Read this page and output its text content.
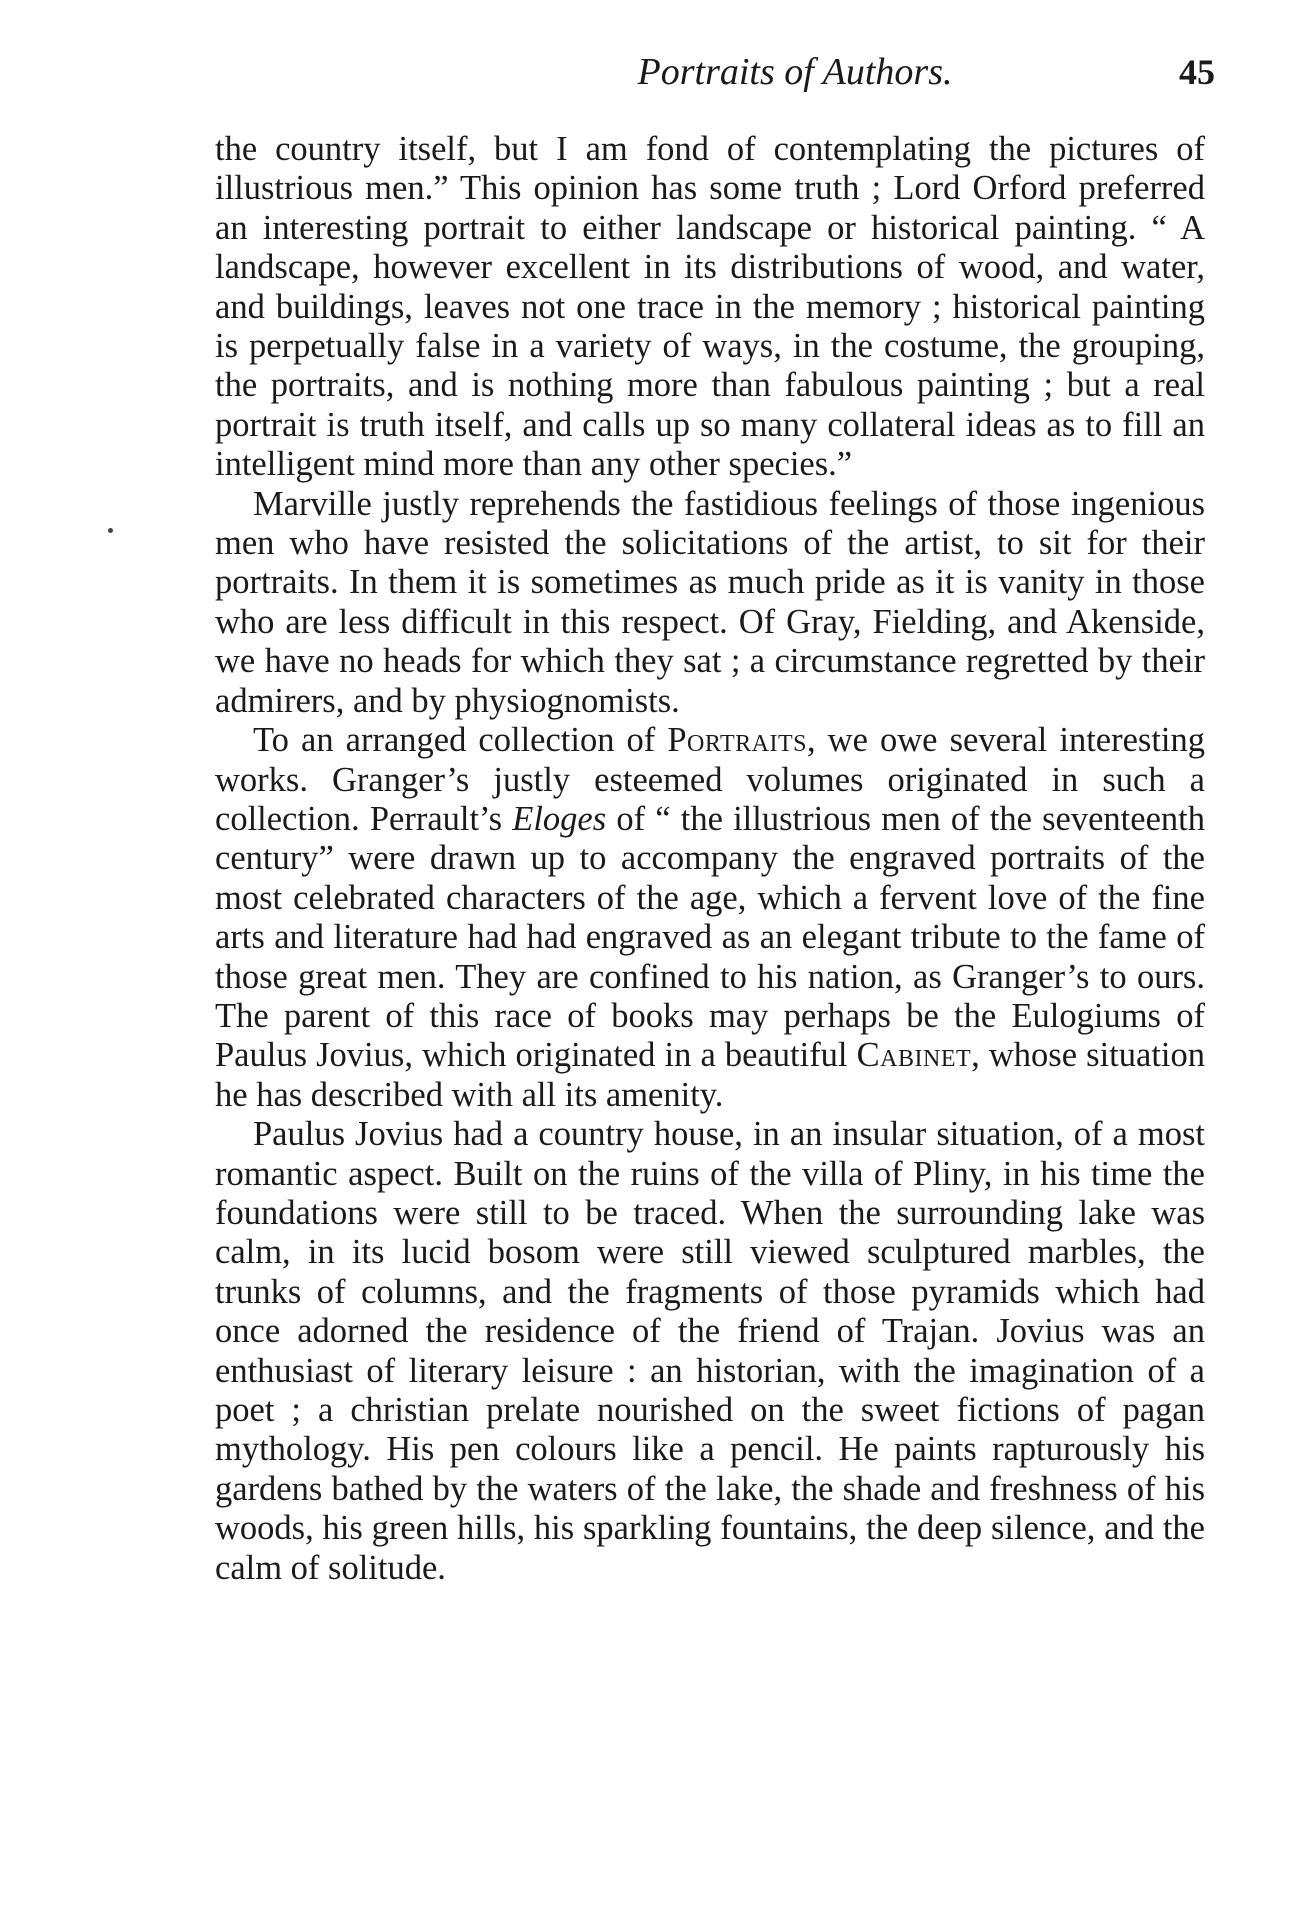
Portraits of Authors.	45

the country itself, but I am fond of contemplating the pictures of illustrious men.” This opinion has some truth ; Lord Orford preferred an interesting portrait to either landscape or historical painting. “ A landscape, however excellent in its distributions of wood, and water, and buildings, leaves not one trace in the memory ; historical painting is perpetually false in a variety of ways, in the costume, the grouping, the portraits, and is nothing more than fabulous painting ; but a real portrait is truth itself, and calls up so many collateral ideas as to fill an intelligent mind more than any other species.”

Marville justly reprehends the fastidious feelings of those ingenious men who have resisted the solicitations of the artist, to sit for their portraits. In them it is sometimes as much pride as it is vanity in those who are less difficult in this respect. Of Gray, Fielding, and Akenside, we have no heads for which they sat ; a circumstance regretted by their admirers, and by physiognomists.

To an arranged collection of Portraits, we owe several interesting works. Granger’s justly esteemed volumes originated in such a collection. Perrault’s Eloges of “ the illustrious men of the seventeenth century” were drawn up to accompany the engraved portraits of the most celebrated characters of the age, which a fervent love of the fine arts and literature had had engraved as an elegant tribute to the fame of those great men. They are confined to his nation, as Granger’s to ours. The parent of this race of books may perhaps be the Eulogiums of Paulus Jovius, which originated in a beautiful Cabinet, whose situation he has described with all its amenity.

Paulus Jovius had a country house, in an insular situation, of a most romantic aspect. Built on the ruins of the villa of Pliny, in his time the foundations were still to be traced. When the surrounding lake was calm, in its lucid bosom were still viewed sculptured marbles, the trunks of columns, and the fragments of those pyramids which had once adorned the residence of the friend of Trajan. Jovius was an enthusiast of literary leisure : an historian, with the imagination of a poet ; a christian prelate nourished on the sweet fictions of pagan mythology. His pen colours like a pencil. He paints rapturously his gardens bathed by the waters of the lake, the shade and freshness of his woods, his green hills, his sparkling fountains, the deep silence, and the calm of solitude.
